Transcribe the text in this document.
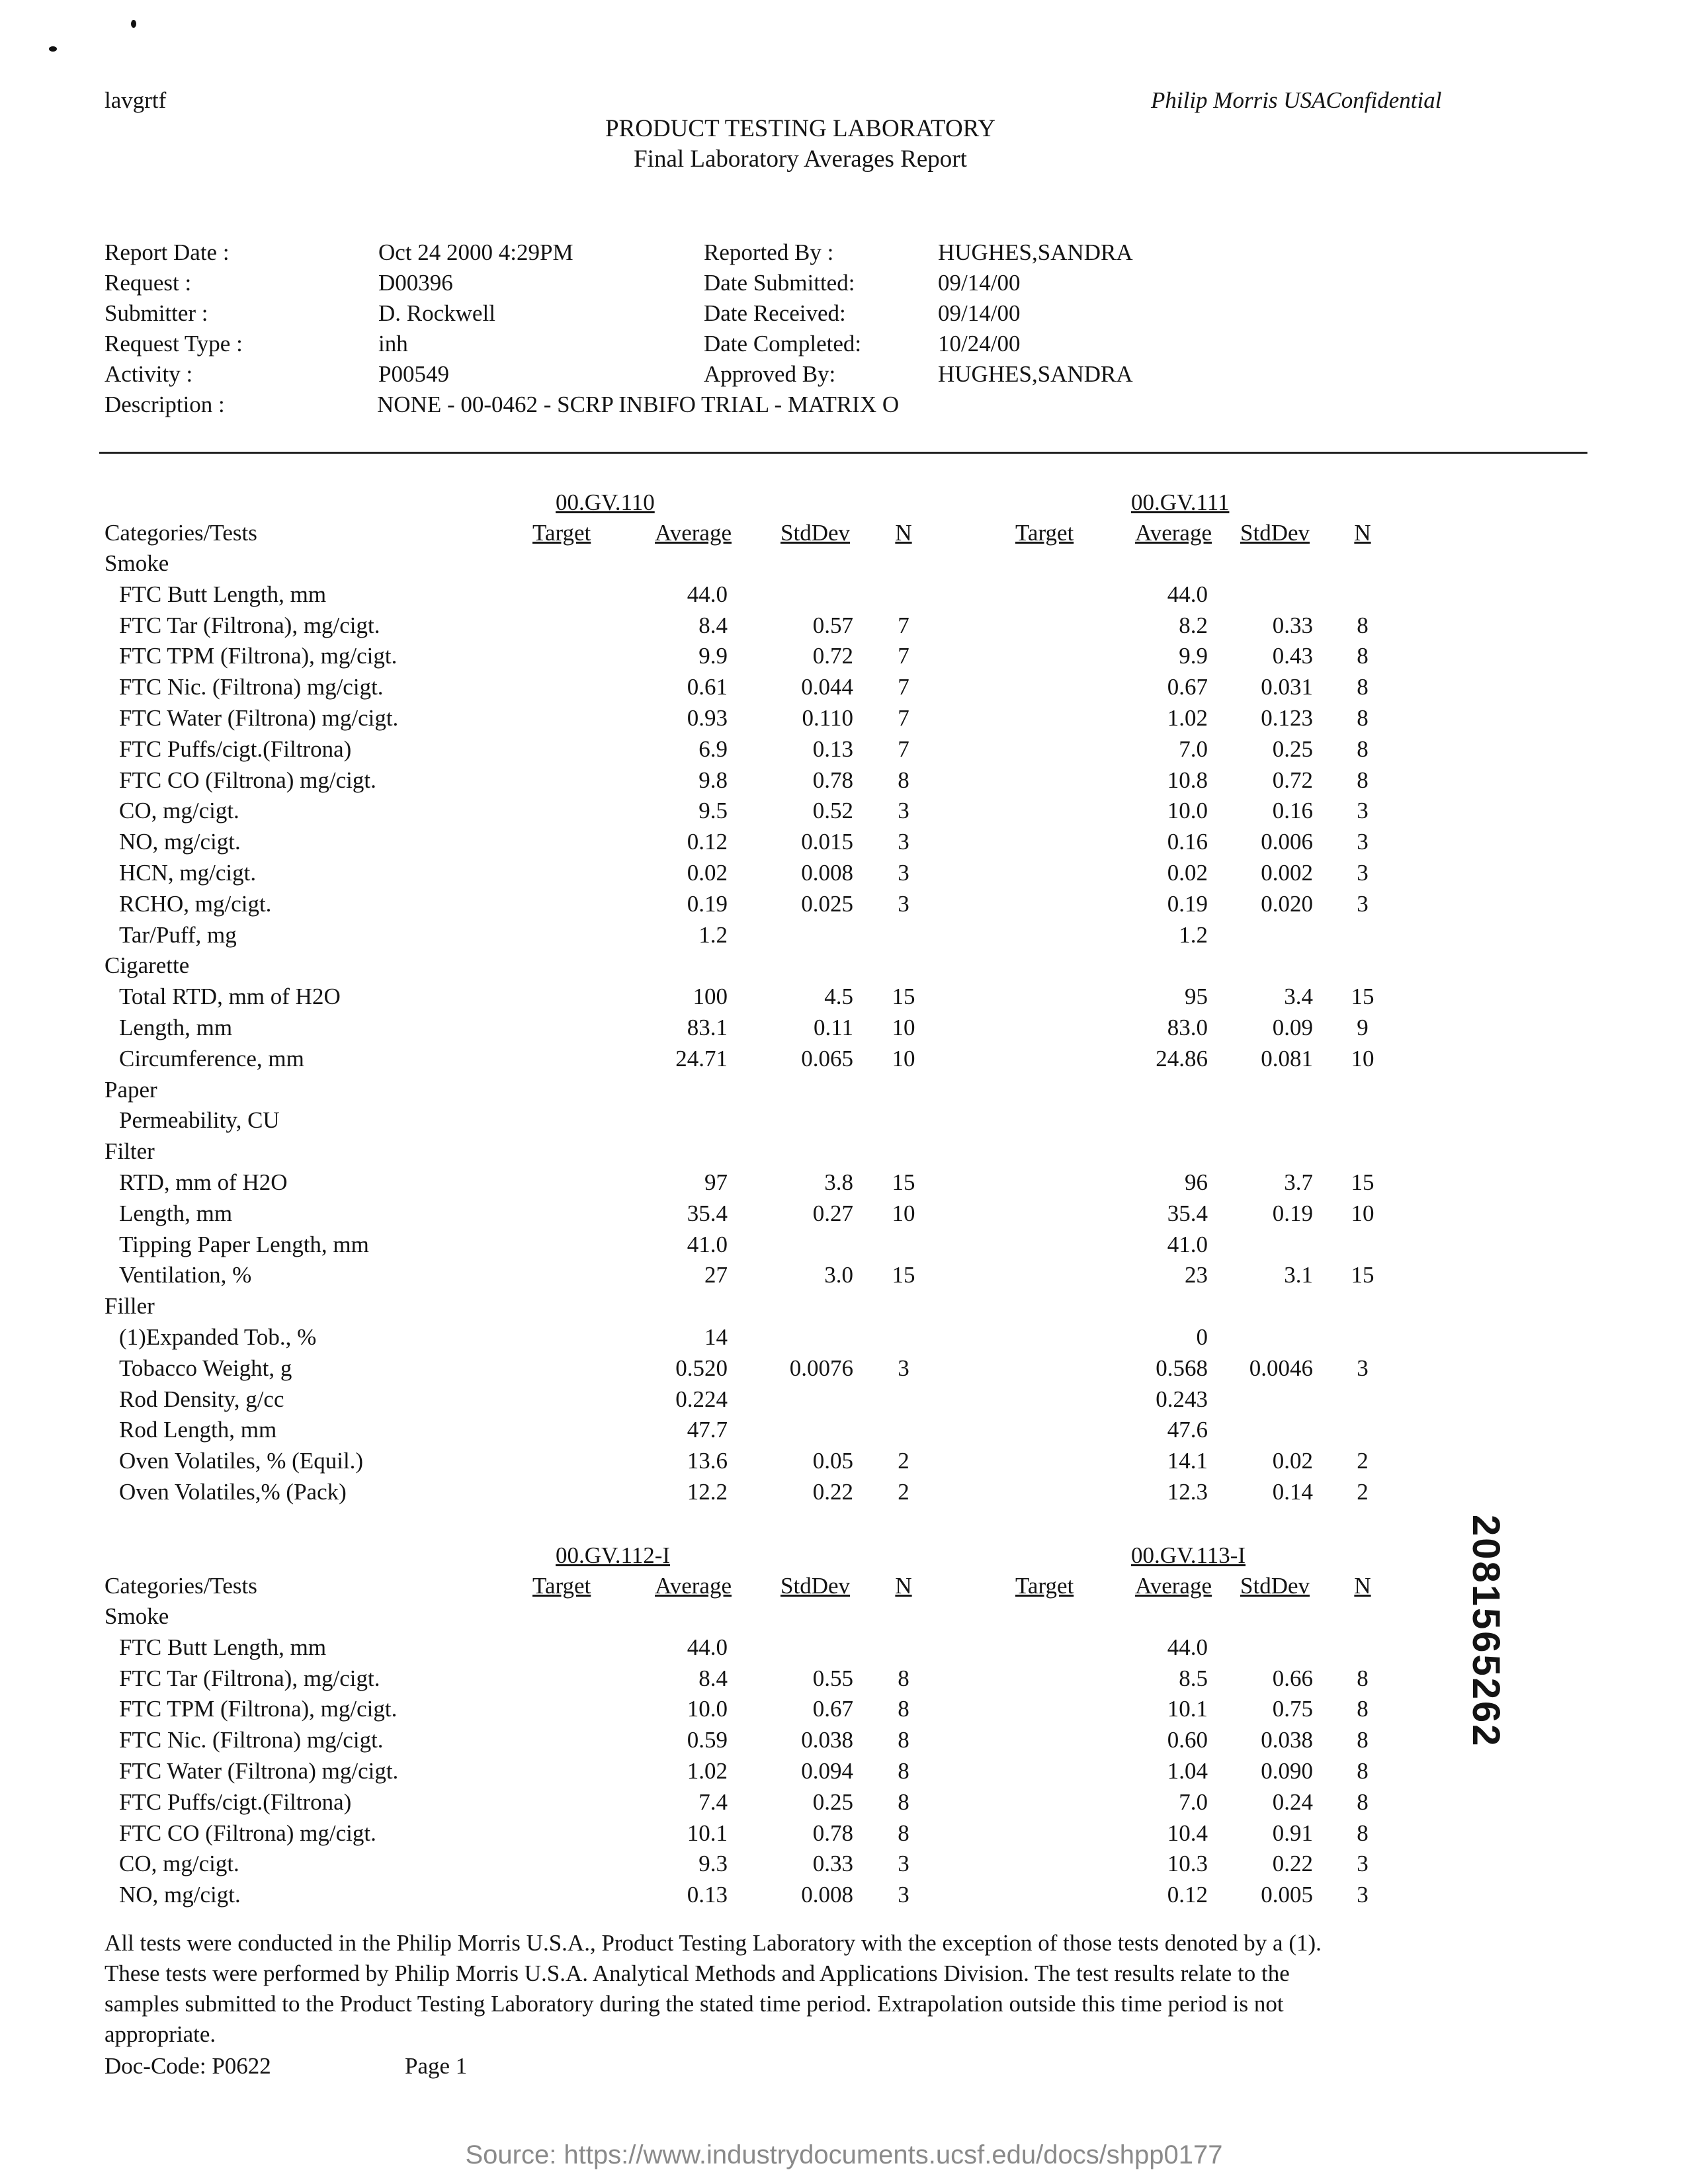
lavgrtf	Philip Morris USAConfidential
PRODUCT TESTING LABORATORY
Final Laboratory Averages Report
Report Date :	Oct 24 2000 4:29PM
Request :	D00396
Submitter :	D. Rockwell
Request Type :	inh
Activity :	P00549
Description :	NONE - 00-0462 - SCRP INBIFO TRIAL - MATRIX O
Reported By :	HUGHES,SANDRA
Date Submitted:	09/14/00
Date Received:	09/14/00
Date Completed:	10/24/00
Approved By:	HUGHES,SANDRA
00.GV.110	00.GV.111
Categories/Tests	Target	Average	StdDev	N	Target	Average	StdDev	N
Smoke
FTC Butt Length, mm	44.0	44.0
FTC Tar (Filtrona), mg/cigt.	8.4	0.57	7	8.2	0.33	8
FTC TPM (Filtrona), mg/cigt.	9.9	0.72	7	9.9	0.43	8
FTC Nic. (Filtrona) mg/cigt.	0.61	0.044	7	0.67	0.031	8
FTC Water (Filtrona) mg/cigt.	0.93	0.110	7	1.02	0.123	8
FTC Puffs/cigt.(Filtrona)	6.9	0.13	7	7.0	0.25	8
FTC CO (Filtrona) mg/cigt.	9.8	0.78	8	10.8	0.72	8
CO, mg/cigt.	9.5	0.52	3	10.0	0.16	3
NO, mg/cigt.	0.12	0.015	3	0.16	0.006	3
HCN, mg/cigt.	0.02	0.008	3	0.02	0.002	3
RCHO, mg/cigt.	0.19	0.025	3	0.19	0.020	3
Tar/Puff, mg	1.2	1.2
Cigarette
Total RTD, mm of H2O	100	4.5	15	95	3.4	15
Length, mm	83.1	0.11	10	83.0	0.09	9
Circumference, mm	24.71	0.065	10	24.86	0.081	10
Paper
Permeability, CU
Filter
RTD, mm of H2O	97	3.8	15	96	3.7	15
Length, mm	35.4	0.27	10	35.4	0.19	10
Tipping Paper Length, mm	41.0	41.0
Ventilation, %	27	3.0	15	23	3.1	15
Filler
(1)Expanded Tob., %	14	0
Tobacco Weight, g	0.520	0.0076	3	0.568	0.0046	3
Rod Density, g/cc	0.224	0.243
Rod Length, mm	47.7	47.6
Oven Volatiles, % (Equil.)	13.6	0.05	2	14.1	0.02	2
Oven Volatiles,% (Pack)	12.2	0.22	2	12.3	0.14	2
00.GV.112-I	00.GV.113-I
Categories/Tests	Target	Average	StdDev	N	Target	Average	StdDev	N
Smoke
FTC Butt Length, mm	44.0	44.0
FTC Tar (Filtrona), mg/cigt.	8.4	0.55	8	8.5	0.66	8
FTC TPM (Filtrona), mg/cigt.	10.0	0.67	8	10.1	0.75	8
FTC Nic. (Filtrona) mg/cigt.	0.59	0.038	8	0.60	0.038	8
FTC Water (Filtrona) mg/cigt.	1.02	0.094	8	1.04	0.090	8
FTC Puffs/cigt.(Filtrona)	7.4	0.25	8	7.0	0.24	8
FTC CO (Filtrona) mg/cigt.	10.1	0.78	8	10.4	0.91	8
CO, mg/cigt.	9.3	0.33	3	10.3	0.22	3
NO, mg/cigt.	0.13	0.008	3	0.12	0.005	3
2081565262
All tests were conducted in the Philip Morris U.S.A., Product Testing Laboratory with the exception of those tests denoted by a (1).
These tests were performed by Philip Morris U.S.A. Analytical Methods and Applications Division. The test results relate to the
samples submitted to the Product Testing Laboratory during the stated time period. Extrapolation outside this time period is not
appropriate.
Doc-Code: P0622	Page 1
Source: https://www.industrydocuments.ucsf.edu/docs/shpp0177
